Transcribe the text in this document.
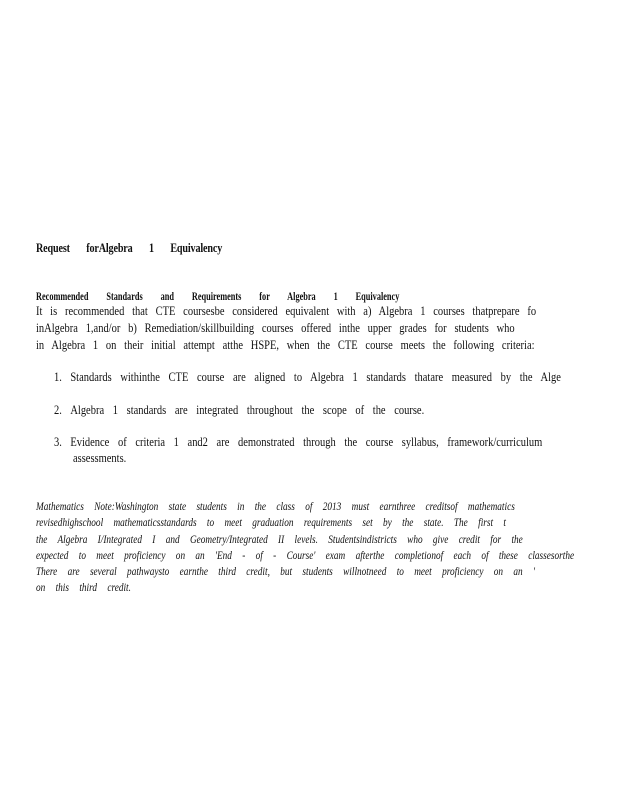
Request forAlgebra 1 Equivalency
Recommended Standards and Requirements for Algebra 1 Equivalency
It is recommended that CTE coursesbe considered equivalent with a) Algebra 1 courses thatprepare fo
inAlgebra 1,and/or b) Remediation/skillbuilding courses offered inthe upper grades for students who
in Algebra 1 on their initial attempt atthe HSPE, when the CTE course meets the following criteria:
1. Standards withinthe CTE course are aligned to Algebra 1 standards thatare measured by the Alge
2. Algebra 1 standards are integrated throughout the scope of the course.
3. Evidence of criteria 1 and2 are demonstrated through the course syllabus, framework/curriculum
assessments.
Mathematics Note:Washington state students in the class of 2013 must earnthree creditsof mathematics
revisedhighschool mathematicsstandards to meet graduation requirements set by the state. The first t
the Algebra I/Integrated I and Geometry/Integrated II levels. Studentsindistricts who give credit for the
expected to meet proficiency on an 'End - of - Course' exam afterthe completionof each of these classesorthe
There are several pathwaysto earnthe third credit, but students willnotneed to meet proficiency on an '
on this third credit.
